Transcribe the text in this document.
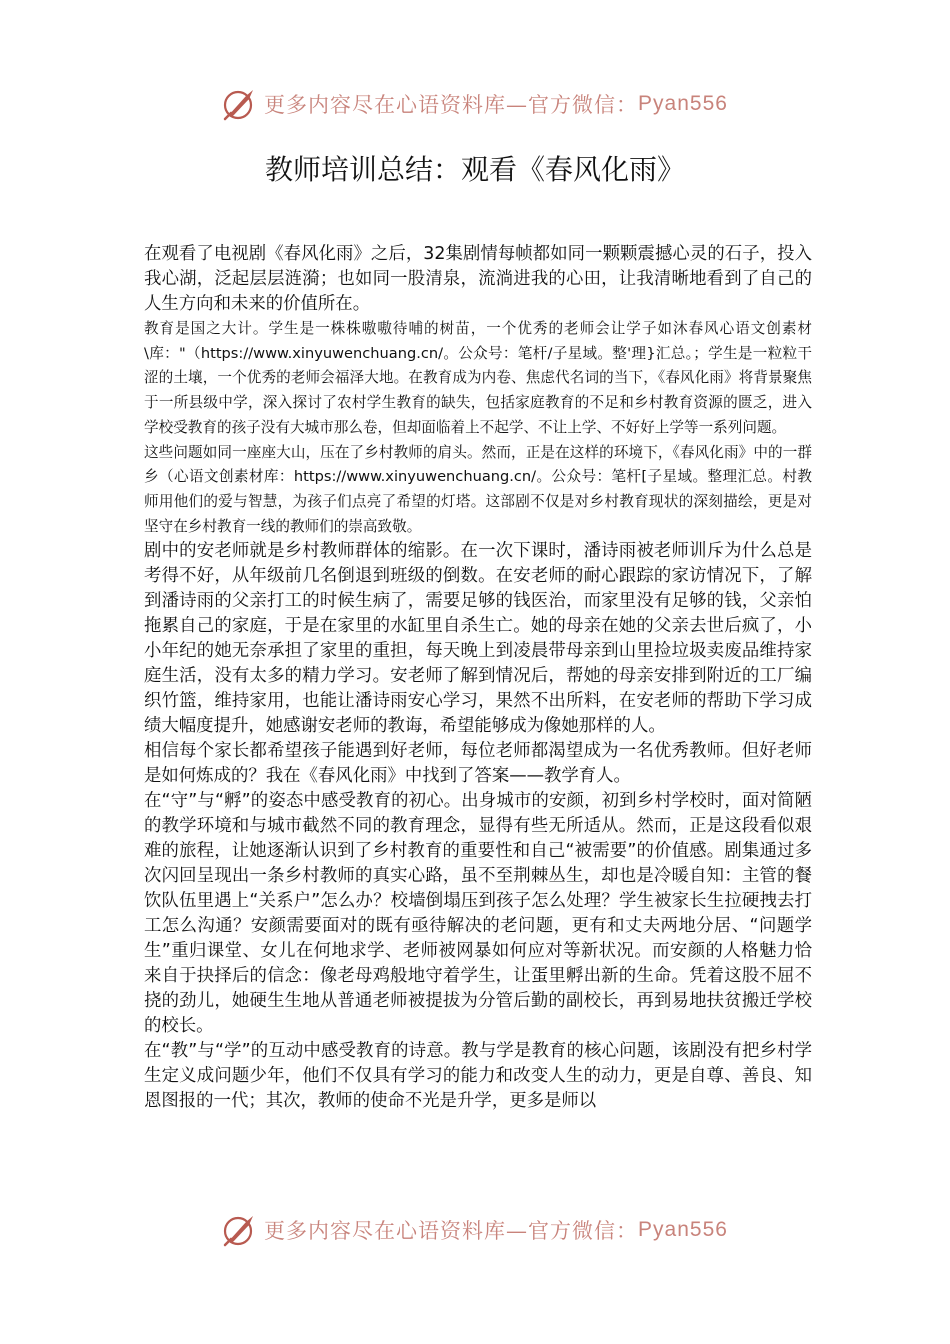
更多内容尽在心语资料库—官方微信： Pyan556
教师培训总结：观看《春风化雨》

在观看了电视剧《春风化雨》之后，32集剧情每帧都如同一颗颗震撼心灵的石子，投入我心湖，泛起层层涟漪；也如同一股清泉，流淌进我的心田，让我清晰地看到了自己的人生方向和未来的价值所在。

教育是国之大计。学生是一株株嗷嗷待哺的树苗，一个优秀的老师会让学子如沐春风心语文创素材\库："（https://www.xinyuwenchuang.cn/。公众号：笔杆/子星域。整'理}汇总。；学生是一粒粒干涩的土壤，一个优秀的老师会福泽大地。在教育成为内卷、焦虑代名词的当下，《春风化雨》将背景聚焦于一所县级中学，深入探讨了农村学生教育的缺失，包括家庭教育的不足和乡村教育资源的匮乏，进入学校受教育的孩子没有大城市那么卷，但却面临着上不起学、不让上学、不好好上学等一系列问题。

这些问题如同一座座大山，压在了乡村教师的肩头。然而，正是在这样的环境下，《春风化雨》中的一群乡（心语文创素材库：https://www.xinyuwenchuang.cn/。公众号：笔杆[子星域。整理汇总。村教师用他们的爱与智慧，为孩子们点亮了希望的灯塔。这部剧不仅是对乡村教育现状的深刻描绘，更是对坚守在乡村教育一线的教师们的崇高致敬。

剧中的安老师就是乡村教师群体的缩影。在一次下课时，潘诗雨被老师训斥为什么总是考得不好，从年级前几名倒退到班级的倒数。在安老师的耐心跟踪的家访情况下，了解到潘诗雨的父亲打工的时候生病了，需要足够的钱医治，而家里没有足够的钱，父亲怕拖累自己的家庭，于是在家里的水缸里自杀生亡。她的母亲在她的父亲去世后疯了，小小年纪的她无奈承担了家里的重担，每天晚上到凌晨带母亲到山里捡垃圾卖废品维持家庭生活，没有太多的精力学习。安老师了解到情况后，帮她的母亲安排到附近的工厂编织竹篮，维持家用，也能让潘诗雨安心学习，果然不出所料，在安老师的帮助下学习成绩大幅度提升，她感谢安老师的教诲，希望能够成为像她那样的人。

相信每个家长都希望孩子能遇到好老师，每位老师都渴望成为一名优秀教师。但好老师是如何炼成的？我在《春风化雨》中找到了答案——教学育人。

在“守”与“孵”的姿态中感受教育的初心。出身城市的安颜，初到乡村学校时，面对简陋的教学环境和与城市截然不同的教育理念，显得有些无所适从。然而，正是这段看似艰难的旅程，让她逐渐认识到了乡村教育的重要性和自己“被需要”的价值感。剧集通过多次闪回呈现出一条乡村教师的真实心路，虽不至荆棘丛生，却也是冷暖自知：主管的餐饮队伍里遇上“关系户”怎么办？校墙倒塌压到孩子怎么处理？学生被家长生拉硬拽去打工怎么沟通？安颜需要面对的既有亟待解决的老问题，更有和丈夫两地分居、“问题学生”重归课堂、女儿在何地求学、老师被网暴如何应对等新状况。而安颜的人格魅力恰来自于抉择后的信念：像老母鸡般地守着学生，让蛋里孵出新的生命。凭着这股不屈不挠的劲儿，她硬生生地从普通老师被提拔为分管后勤的副校长，再到易地扶贫搬迁学校的校长。

在“教”与“学”的互动中感受教育的诗意。教与学是教育的核心问题，该剧没有把乡村学生定义成问题少年，他们不仅具有学习的能力和改变人生的动力，更是自尊、善良、知恩图报的一代；其次，教师的使命不光是升学，更多是师以

更多内容尽在心语资料库—官方微信： Pyan556
